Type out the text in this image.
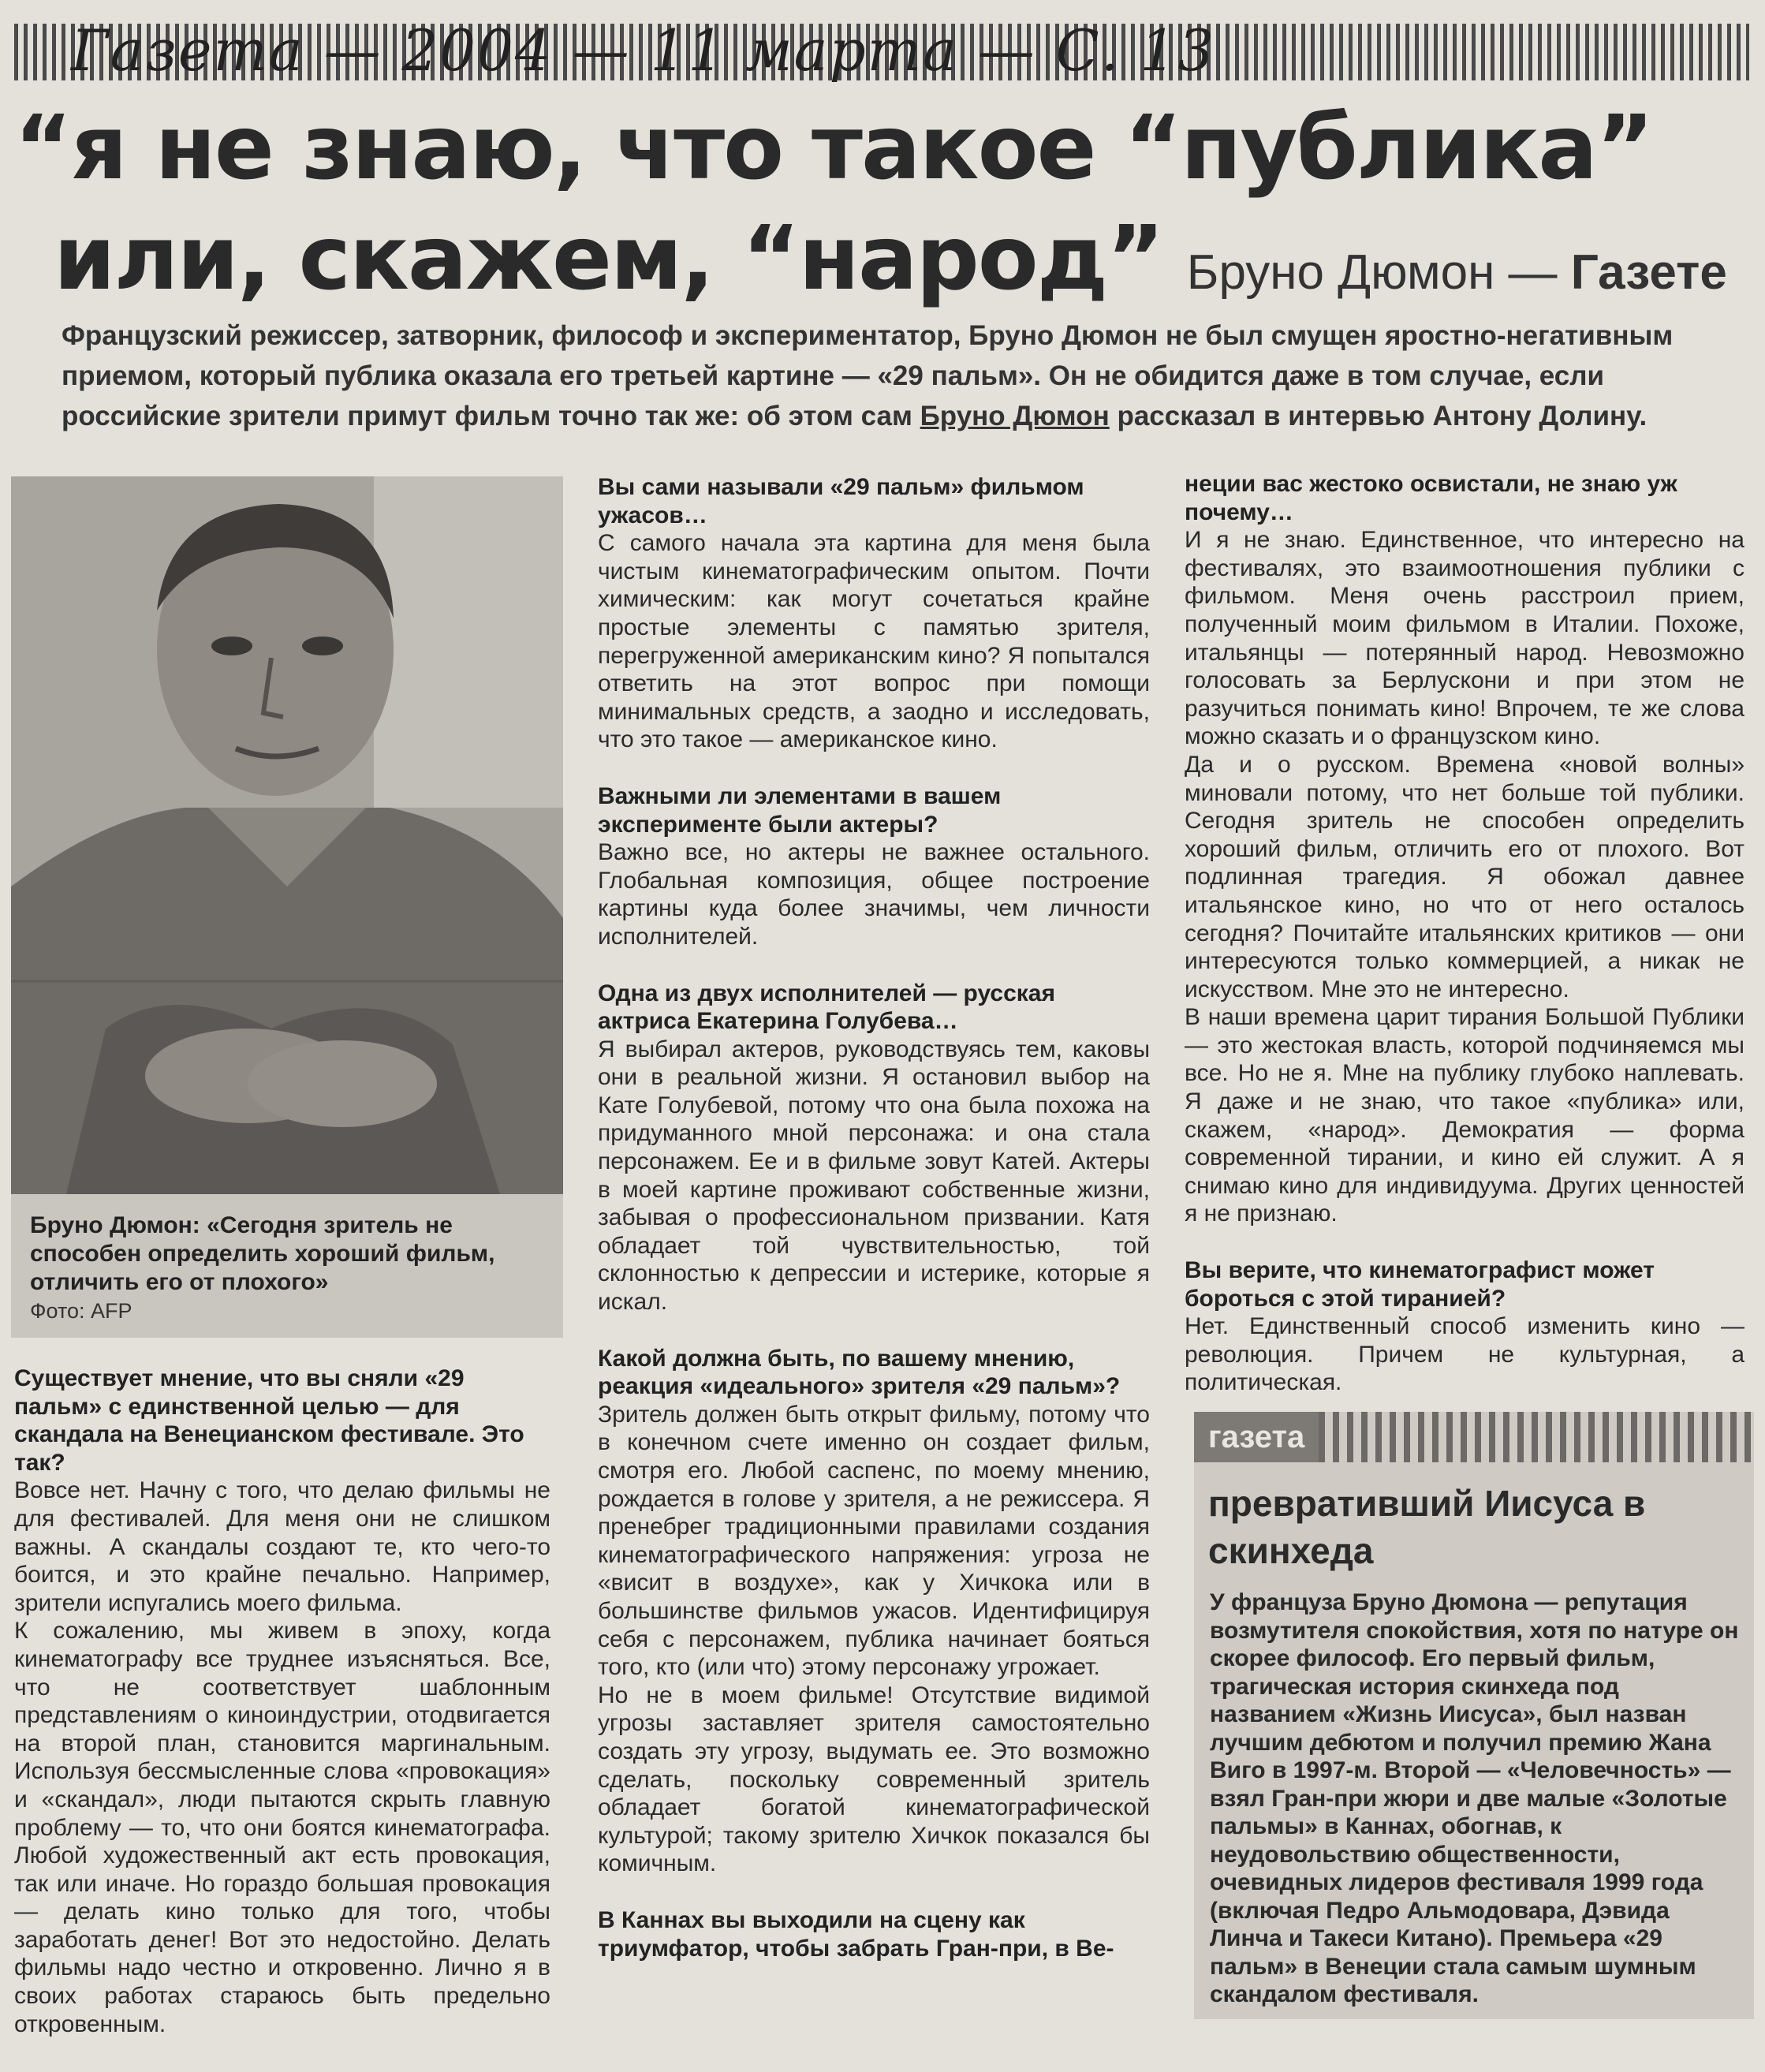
Газета — 2004 — 11 марта — С. 13
“я не знаю, что такое “публика”
или, скажем, “народ” Бруно Дюмон — Газете
Французский режиссер, затворник, философ и экспериментатор, Бруно Дюмон не был смущен яростно-негативным приемом, который публика оказала его третьей картине — «29 пальм». Он не обидится даже в том случае, если российские зрители примут фильм точно так же: об этом сам Бруно Дюмон рассказал в интервью Антону Долину.
Бруно Дюмон: «Сегодня зритель не способен определить хороший фильм, отличить его от плохого»
Фото: AFP

Существует мнение, что вы сняли «29 пальм» с единственной целью — для скандала на Венецианском фестивале. Это так?

Вовсе нет. Начну с того, что делаю фильмы не для фестивалей. Для меня они не слишком важны. А скандалы создают те, кто чего-то боится, и это крайне печально. Например, зрители испугались моего фильма.

К сожалению, мы живем в эпоху, когда кинематографу все труднее изъясняться. Все, что не соответствует шаблонным представлениям о киноиндустрии, отодвигается на второй план, становится маргинальным. Используя бессмысленные слова «провокация» и «скандал», люди пытаются скрыть главную проблему — то, что они боятся кинематографа. Любой художественный акт есть провокация, так или иначе. Но гораздо большая провокация — делать кино только для того, чтобы заработать денег! Вот это недостойно. Делать фильмы надо честно и откровенно. Лично я в своих работах стараюсь быть предельно откровенным.

Вы сами называли «29 пальм» фильмом ужасов…

С самого начала эта картина для меня была чистым кинематографическим опытом. Почти химическим: как могут сочетаться крайне простые элементы с памятью зрителя, перегруженной американским кино? Я попытался ответить на этот вопрос при помощи минимальных средств, а заодно и исследовать, что это такое — американское кино.

Важными ли элементами в вашем эксперименте были актеры?

Важно все, но актеры не важнее остального. Глобальная композиция, общее построение картины куда более значимы, чем личности исполнителей.

Одна из двух исполнителей — русская актриса Екатерина Голубева…

Я выбирал актеров, руководствуясь тем, каковы они в реальной жизни. Я остановил выбор на Кате Голубевой, потому что она была похожа на придуманного мной персонажа: и она стала персонажем. Ее и в фильме зовут Катей. Актеры в моей картине проживают собственные жизни, забывая о профессиональном призвании. Катя обладает той чувствительностью, той склонностью к депрессии и истерике, которые я искал.

Какой должна быть, по вашему мнению, реакция «идеального» зрителя «29 пальм»?

Зритель должен быть открыт фильму, потому что в конечном счете именно он создает фильм, смотря его. Любой саспенс, по моему мнению, рождается в голове у зрителя, а не режиссера. Я пренебрег традиционными правилами создания кинематографического напряжения: угроза не «висит в воздухе», как у Хичкока или в большинстве фильмов ужасов. Идентифицируя себя с персонажем, публика начинает бояться того, кто (или что) этому персонажу угрожает.

Но не в моем фильме! Отсутствие видимой угрозы заставляет зрителя самостоятельно создать эту угрозу, выдумать ее. Это возможно сделать, поскольку современный зритель обладает богатой кинематографической культурой; такому зрителю Хичкок показался бы комичным.

В Каннах вы выходили на сцену как триумфатор, чтобы забрать Гран-при, в Ве-

неции вас жестоко освистали, не знаю уж почему…

И я не знаю. Единственное, что интересно на фестивалях, это взаимоотношения публики с фильмом. Меня очень расстроил прием, полученный моим фильмом в Италии. Похоже, итальянцы — потерянный народ. Невозможно голосовать за Берлускони и при этом не разучиться понимать кино! Впрочем, те же слова можно сказать и о французском кино.

Да и о русском. Времена «новой волны» миновали потому, что нет больше той публики. Сегодня зритель не способен определить хороший фильм, отличить его от плохого. Вот подлинная трагедия. Я обожал давнее итальянское кино, но что от него осталось сегодня? Почитайте итальянских критиков — они интересуются только коммерцией, а никак не искусством. Мне это не интересно.

В наши времена царит тирания Большой Публики — это жестокая власть, которой подчиняемся мы все. Но не я. Мне на публику глубоко наплевать. Я даже и не знаю, что такое «публика» или, скажем, «народ». Демократия — форма современной тирании, и кино ей служит. А я снимаю кино для индивидуума. Других ценностей я не признаю.

Вы верите, что кинематографист может бороться с этой тиранией?

Нет. Единственный способ изменить кино — революция. Причем не культурная, а политическая.

газета
превративший Иисуса в скинхеда
У француза Бруно Дюмона — репутация возмутителя спокойствия, хотя по натуре он скорее философ. Его первый фильм, трагическая история скинхеда под названием «Жизнь Иисуса», был назван лучшим дебютом и получил премию Жана Виго в 1997-м. Второй — «Человечность» — взял Гран-при жюри и две малые «Золотые пальмы» в Каннах, обогнав, к неудовольствию общественности, очевидных лидеров фестиваля 1999 года (включая Педро Альмодовара, Дэвида Линча и Такеси Китано). Премьера «29 пальм» в Венеции стала самым шумным скандалом фестиваля.
